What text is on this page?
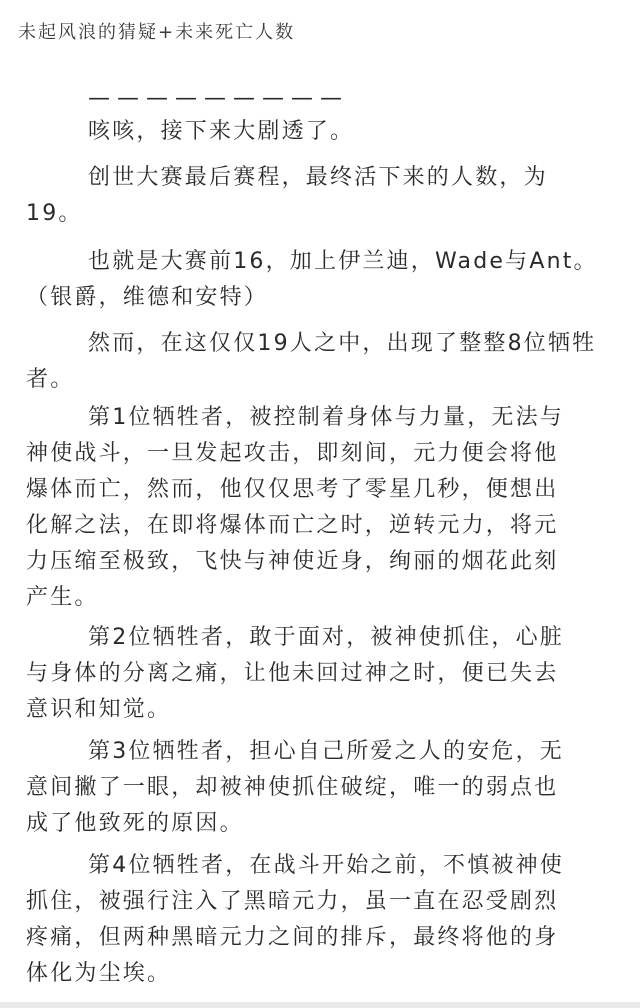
未起风浪的猜疑+未来死亡人数
— — — — — — — — —
咳咳，接下来大剧透了。
创世大赛最后赛程，最终活下来的人数，为
19。
也就是大赛前16，加上伊兰迪，Wade与Ant。
（银爵，维德和安特）
然而，在这仅仅19人之中，出现了整整8位牺牲
者。
第1位牺牲者，被控制着身体与力量，无法与
神使战斗，一旦发起攻击，即刻间，元力便会将他
爆体而亡，然而，他仅仅思考了零星几秒，便想出
化解之法，在即将爆体而亡之时，逆转元力，将元
力压缩至极致，飞快与神使近身，绚丽的烟花此刻
产生。
第2位牺牲者，敢于面对，被神使抓住，心脏
与身体的分离之痛，让他未回过神之时，便已失去
意识和知觉。
第3位牺牲者，担心自己所爱之人的安危，无
意间撇了一眼，却被神使抓住破绽，唯一的弱点也
成了他致死的原因。
第4位牺牲者，在战斗开始之前，不慎被神使
抓住，被强行注入了黑暗元力，虽一直在忍受剧烈
疼痛，但两种黑暗元力之间的排斥，最终将他的身
体化为尘埃。
